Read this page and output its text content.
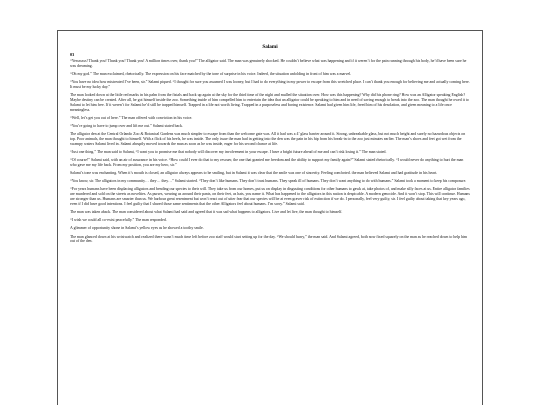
Salami
03

“Yesssssss! Thank you! Thank you! Thank you! A million times over, thank you!” The alligator said. The man was genuinely shocked. He couldn’t believe what was happening and if it weren’t for the pain running through his body, he’d have been sure he was dreaming.

“Oh my god.” The man exclaimed, rhetorically. The expression on his face matched by the tone of surprise in his voice. Indeed, the situation unfolding in front of him was a marvel.

“You have no idea how mistreated I’ve been, sir.” Salami piqued. “I thought for sure you assumed I was looney, but I had to do everything in my power to escape from this wretched place. I can’t thank you enough for believing me and actually coming here. It must be my lucky day.”

The man looked down at the little red marks in his palm from the fistals and back up again at the sky for the third time of the night and mulled the situation over. How was this happening? Why did his phone ring? How was an Alligator speaking English? Maybe destiny can be created. After all, he got himself inside the zoo. Something inside of him compelled him to entertain the idea that an alligator could be speaking to him and in need of saving enough to break into the zoo. The man thought he owed it to Salami to let him free. If it weren’t for Salami he’d still be trapped himself. Trapped in a life not worth living. Trapped in a purposeless and boring existence. Salami had given him life, freed him of his desolation, and given meaning to a life once meaningless.

“Well, let’s get you out of here.” The man offered with conviction in his voice.

“You’re going to have to jump over and lift me out.” Salami stated back.

The alligator den at the Central Orlando Zoo & Botanical Gardens was much simpler to escape from than the welcome gate was. All it had was a 4’ glass barrier around it. Strong, unbreakable glass, but not much height and surely no hazardous objects on top. Poor animals, the man thought to himself. With a flick of his heels, he was inside. The only issue the man had in getting into the den was the pain in his hip from his break-in to the zoo just minutes earlier. The man’s shoes and feet got wet from the swampy waters Salami lived in. Salami abruptly moved towards the man as soon as he was inside, eager for his second chance at life.

“Just one thing.” The man said to Salami, “I want you to promise me that nobody will discover my involvement in your escape. I have a bright future ahead of me and can’t risk losing it.” The man stated.

“Of course!” Salami said, with an air of assurance in his voice. “How could I ever do that to my rescuer, the one that granted me freedom and the ability to support my family again?” Salami stated rhetorically. “I would never do anything to hurt the man who gave me my life back. From my position, you are my hero, sir.”

Salami’s tone was enchanting. When it’s mouth is closed, an alligator always appears to be smiling, but in Salami it was clear that the smile was one of sincerity. Feeling comforted. the man believed Salami and had gratitude in his heart.

“You know, sir. The alligators in my community… they… they…” Salami started. “They don’t like humans. They don’t trust humans. They speak ill of humans. They don’t want anything to do with humans.” Salami took a moment to keep his composure.

“For years humans have been displacing alligators and bending our species to their will. They take us from our homes, put us on display in disgusting conditions for other humans to gawk at, take photos of, and make silly faces at us. Entire alligator families are murdered and sold on the streets as novelties. As purses, wearing us around their pants, on their feet, as hats, you name it. What has happened to the alligators in this nation is despicable. A modern genocide. And it won’t stop. This will continue. Humans are stronger than us. Humans are smarter than us. We harbour great resentment but won’t react out of utter fear that our species will be at even graver risk of extinction if we do. I personally, feel very guilty, sir. I feel guilty about taking that key years ago, even if I did have good intentions. I feel guilty that I shared those same sentiments that the other Alligators feel about humans. I’m sorry.” Salami said.

The man was taken aback. The man considered about what Salami had said and agreed that it was sad what happens to alligators. Live and let live, the man thought to himself.

“I wish we could all co-exist peacefully.” The man responded.

A glimmer of opportunity shone in Salami’s yellow eyes as he showed a toothy smile.

The man glanced down at his wristwatch and realized there wasn’t much time left before zoo staff would start setting up for the day. “We should hurry,” the man said. And Salami agreed, both now fixed squarely on the man as he reached down to help him out of the den.
